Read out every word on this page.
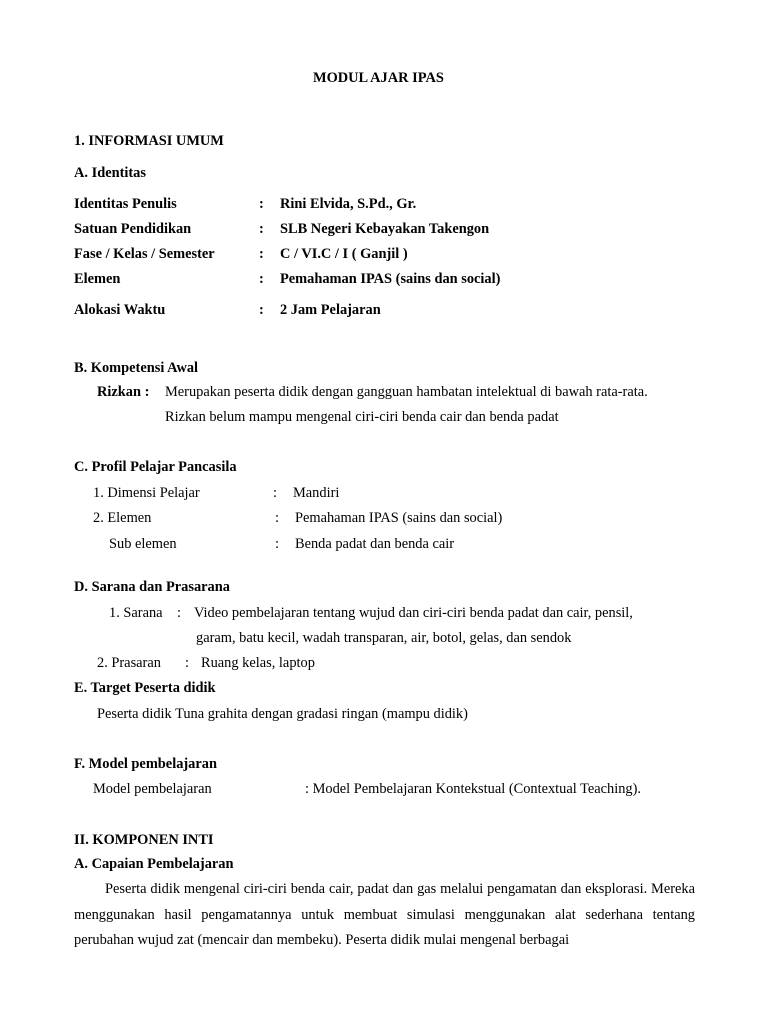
MODUL AJAR IPAS
1. INFORMASI UMUM
A. Identitas
Identitas Penulis	: Rini Elvida, S.Pd., Gr.
Satuan Pendidikan	: SLB Negeri Kebayakan Takengon
Fase / Kelas / Semester	: C / VI.C / I ( Ganjil )
Elemen	: Pemahaman IPAS (sains dan social)
Alokasi Waktu	: 2 Jam Pelajaran
B. Kompetensi Awal
Rizkan : Merupakan peserta didik dengan gangguan hambatan intelektual di bawah rata-rata.
Rizkan belum mampu mengenal ciri-ciri benda cair dan benda padat
C. Profil Pelajar Pancasila
1. Dimensi Pelajar	: Mandiri
2. Elemen	: Pemahaman IPAS (sains dan social)
Sub elemen	: Benda padat dan benda cair
D. Sarana dan Prasarana
1. Sarana : Video pembelajaran tentang wujud dan ciri-ciri benda padat dan cair, pensil,
garam, batu kecil, wadah transparan, air, botol, gelas, dan sendok
2. Prasaran : Ruang kelas, laptop
E. Target Peserta didik
Peserta didik Tuna grahita dengan gradasi ringan (mampu didik)
F. Model pembelajaran
Model pembelajaran	: Model Pembelajaran Kontekstual (Contextual Teaching).
II. KOMPONEN INTI
A. Capaian Pembelajaran
Peserta didik mengenal ciri-ciri benda cair, padat dan gas melalui pengamatan dan eksplorasi. Mereka menggunakan hasil pengamatannya untuk membuat simulasi menggunakan alat sederhana tentang perubahan wujud zat (mencair dan membeku). Peserta didik mulai mengenal berbagai
